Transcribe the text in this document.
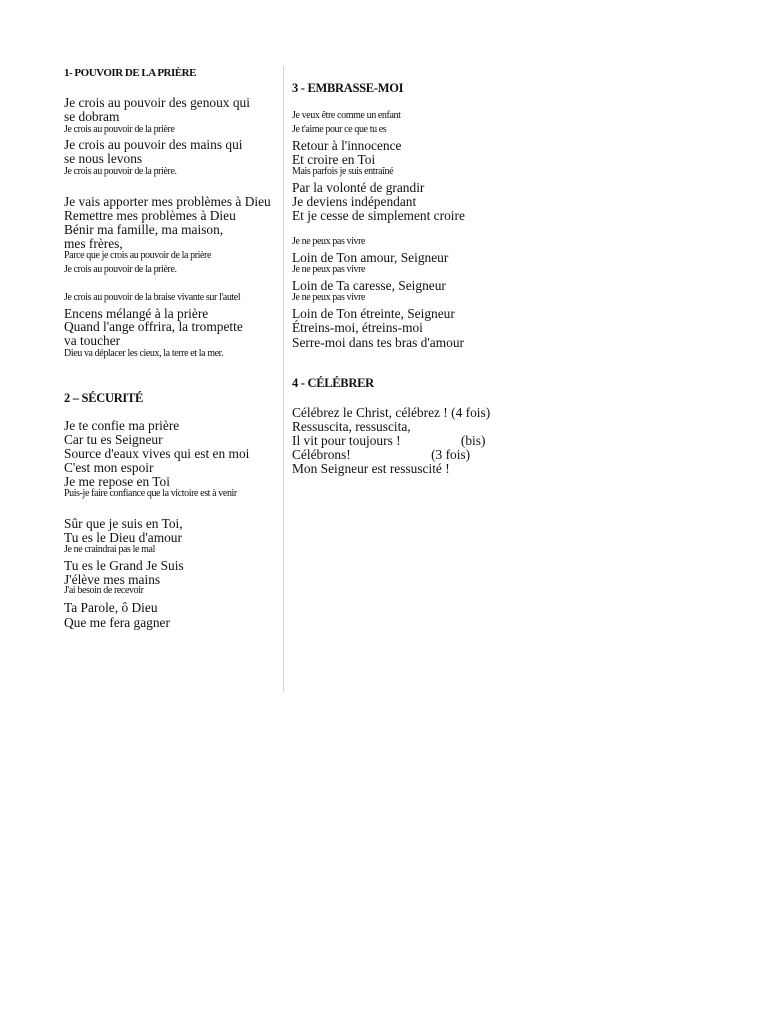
1- POUVOIR DE LA PRIÈRE
Je crois au pouvoir des genoux qui se dobram
Je crois au pouvoir de la prière
Je crois au pouvoir des mains qui se nous levons
Je crois au pouvoir de la prière.
Je vais apporter mes problèmes à Dieu
Remettre mes problèmes à Dieu
Bénir ma famille, ma maison,
mes frères,
Parce que je crois au pouvoir de la prière
Je crois au pouvoir de la prière.
Je crois au pouvoir de la braise vivante sur l'autel
Encens mélangé à la prière
Quand l'ange offrira, la trompette va toucher
Dieu va déplacer les cieux, la terre et la mer.
2 – SÉCURITÉ
Je te confie ma prière
Car tu es Seigneur
Source d'eaux vives qui est en moi
C'est mon espoir
Je me repose en Toi
Puis-je faire confiance que la victoire est à venir
Sûr que je suis en Toi,
Tu es le Dieu d'amour
Je ne craindrai pas le mal
Tu es le Grand Je Suis
J'élève mes mains
J'ai besoin de recevoir
Ta Parole, ô Dieu
Que me fera gagner
3 - EMBRASSE-MOI
Je veux être comme un enfant
Je t'aime pour ce que tu es
Retour à l'innocence
Et croire en Toi
Mais parfois je suis entraîné
Par la volonté de grandir
Je deviens indépendant
Et je cesse de simplement croire
Je ne peux pas vivre
Loin de Ton amour, Seigneur
Je ne peux pas vivre
Loin de Ta caresse, Seigneur
Je ne peux pas vivre
Loin de Ton étreinte, Seigneur
Étreins-moi, étreins-moi
Serre-moi dans tes bras d'amour
4 - CÉLÉBRER
Célébrez le Christ, célébrez ! (4 fois)
Ressuscita, ressuscita,
Il vit pour toujours !                  (bis)
Célébrons!                        (3 fois)
Mon Seigneur est ressuscité !
